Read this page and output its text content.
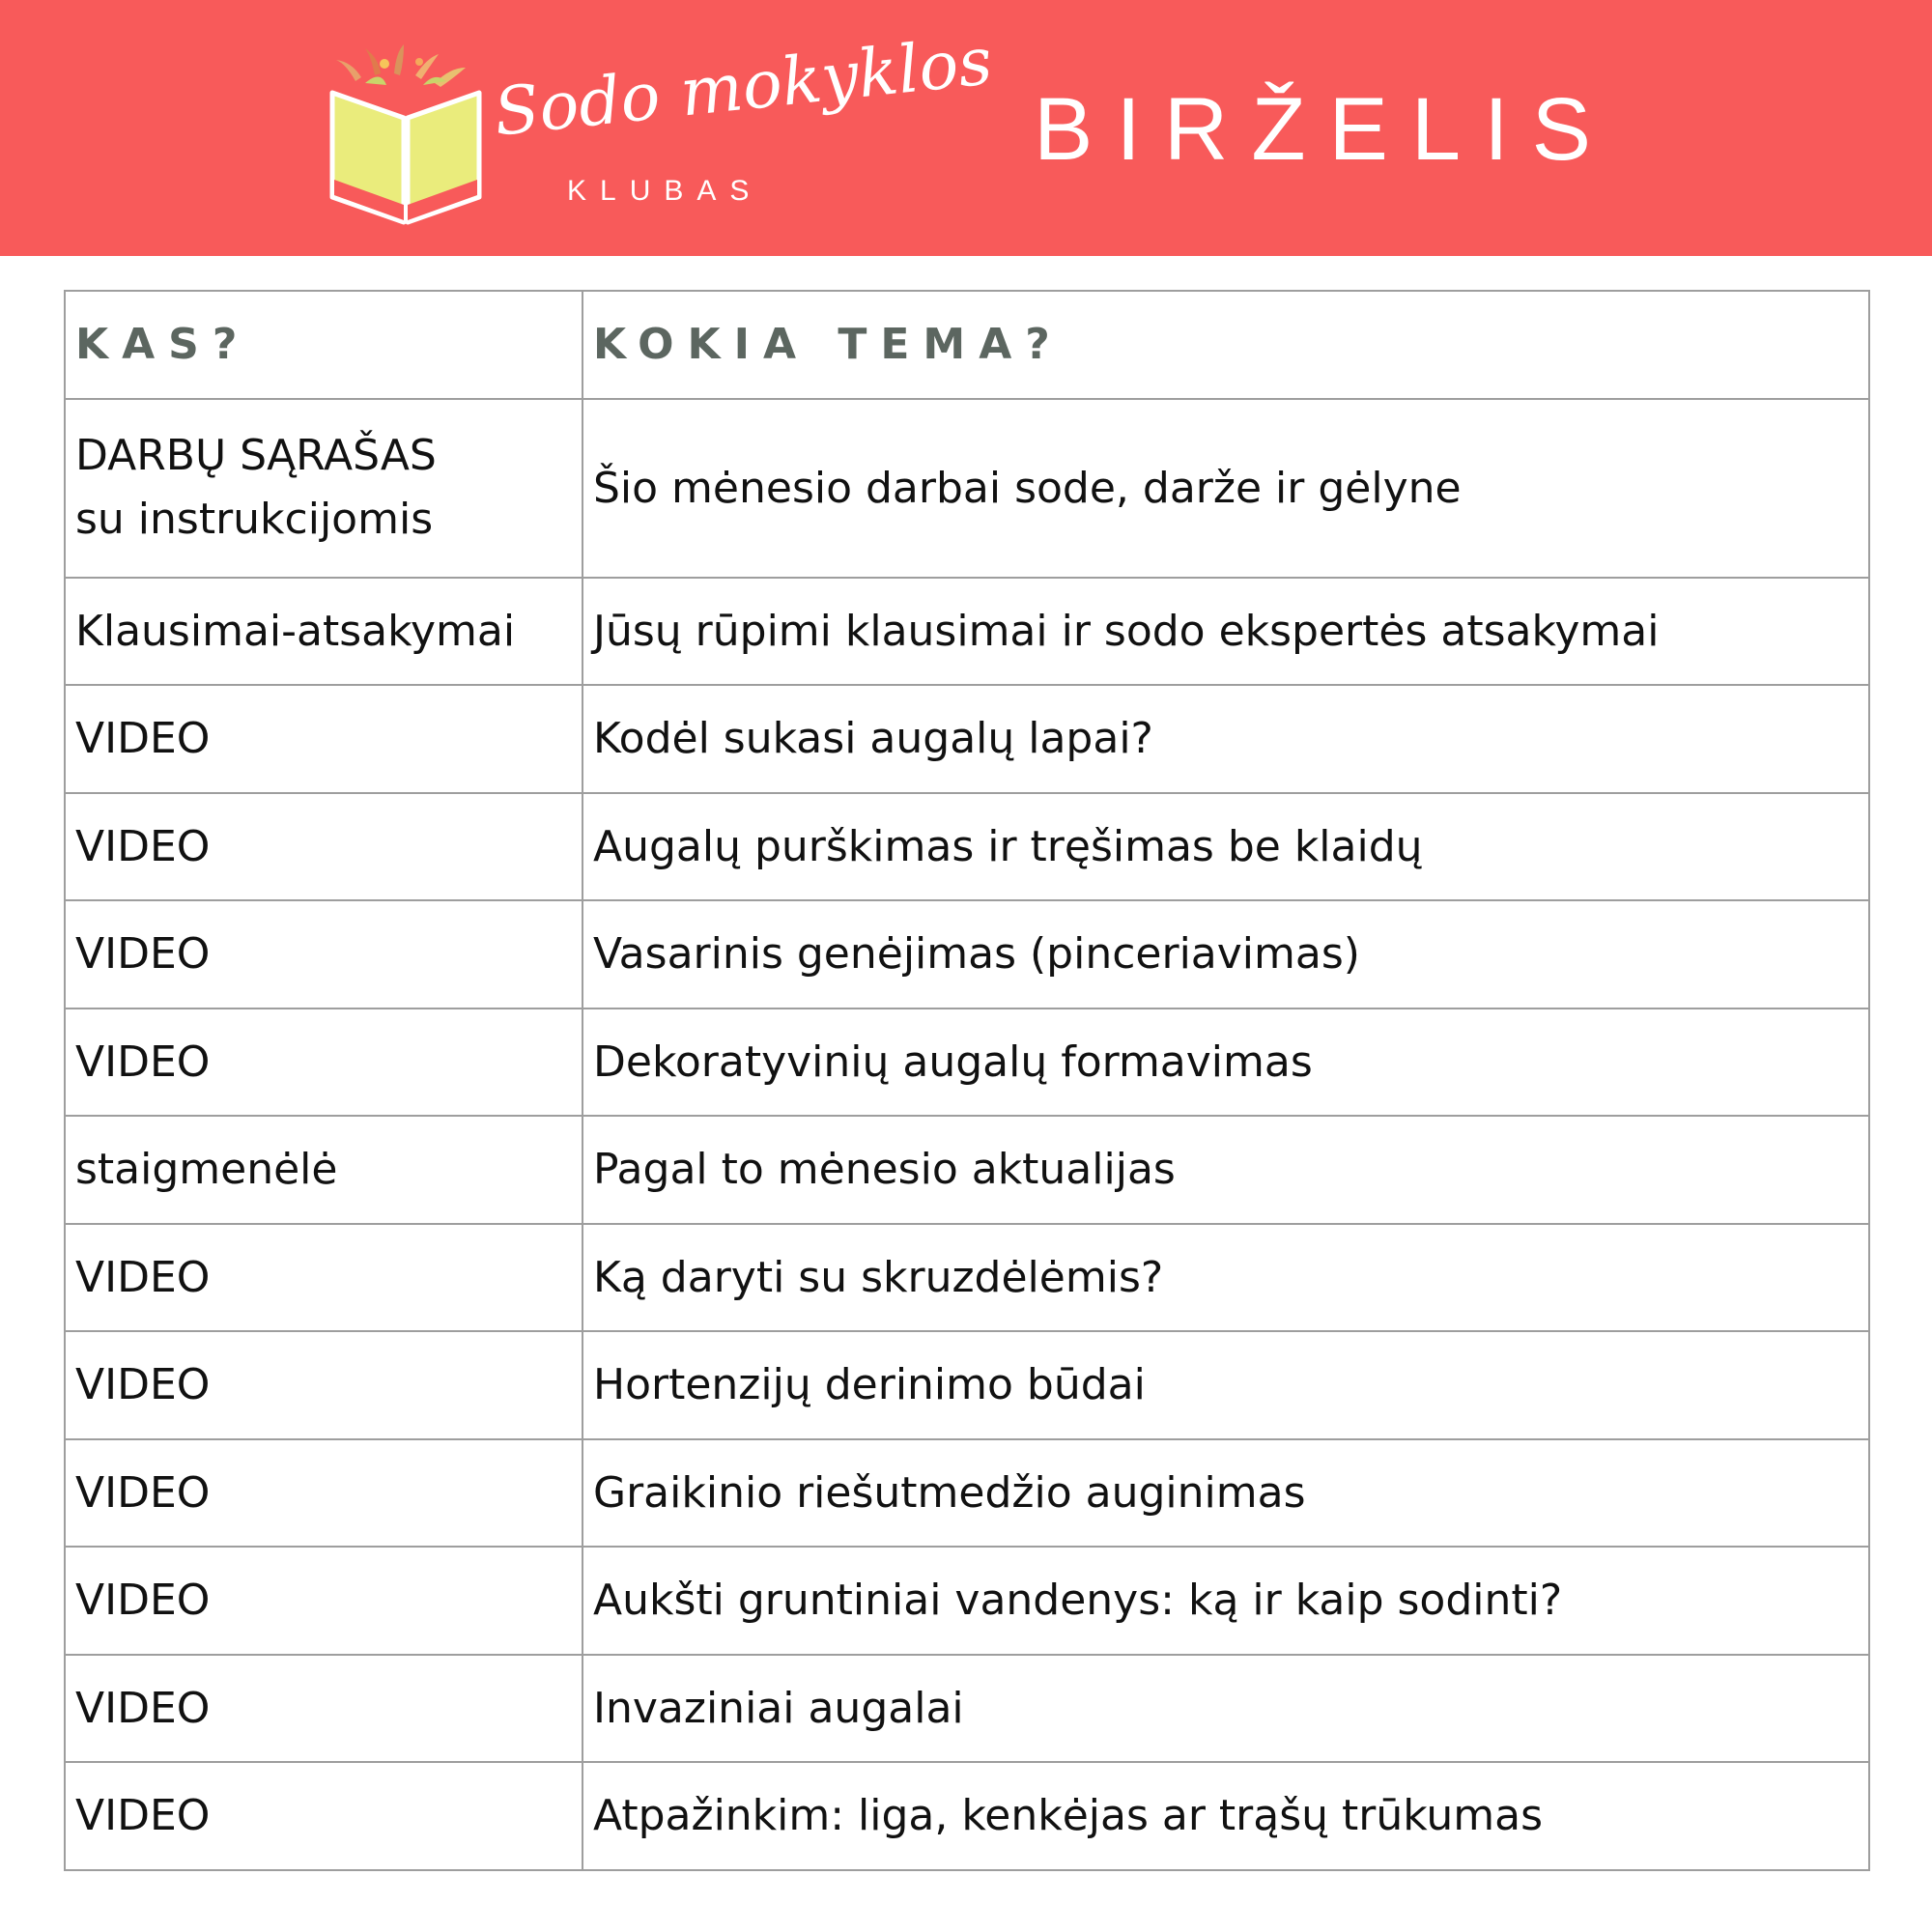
Sodo mokyklos
KLUBAS
BIRŽELIS
KAS?	KOKIA TEMA?

DARBŲ SĄRAŠAS
su instrukcijomis	Šio mėnesio darbai sode, darže ir gėlyne
Klausimai-atsakymai	Jūsų rūpimi klausimai ir sodo ekspertės atsakymai
VIDEO	Kodėl sukasi augalų lapai?
VIDEO	Augalų purškimas ir tręšimas be klaidų
VIDEO	Vasarinis genėjimas (pinceriavimas)
VIDEO	Dekoratyvinių augalų formavimas
staigmenėlė	Pagal to mėnesio aktualijas
VIDEO	Ką daryti su skruzdėlėmis?
VIDEO	Hortenzijų derinimo būdai
VIDEO	Graikinio riešutmedžio auginimas
VIDEO	Aukšti gruntiniai vandenys: ką ir kaip sodinti?
VIDEO	Invaziniai augalai
VIDEO	Atpažinkim: liga, kenkėjas ar trąšų trūkumas
